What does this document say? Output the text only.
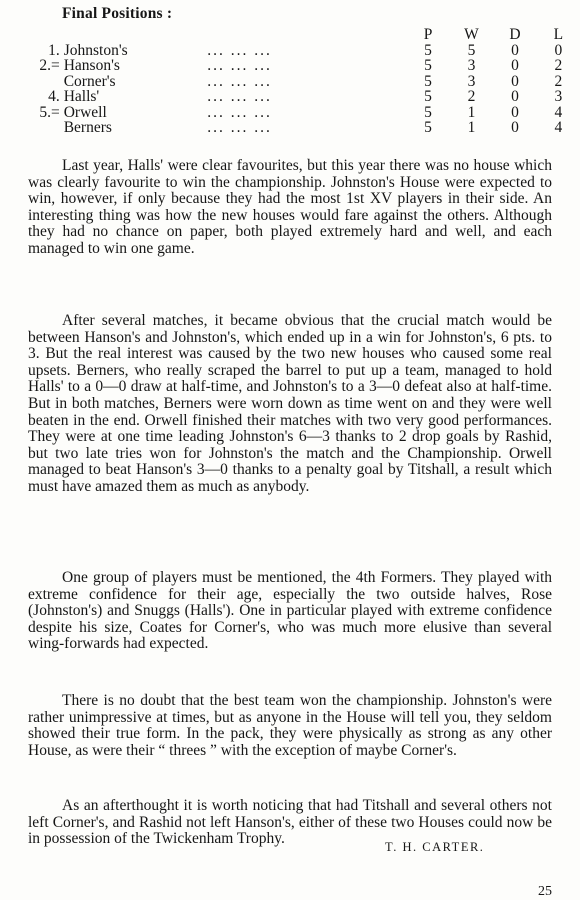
Final Positions :
			P	W	D	L
1.	Johnston's	... ... ...	5	5	0	0
2.=	Hanson's	... ... ...	5	3	0	2
	Corner's	... ... ...	5	3	0	2
4.	Halls'	... ... ...	5	2	0	3
5.=	Orwell	... ... ...	5	1	0	4
	Berners	... ... ...	5	1	0	4

Last year, Halls' were clear favourites, but this year there was no house which was clearly favourite to win the championship. Johnston's House were expected to win, however, if only because they had the most 1st XV players in their side. An interesting thing was how the new houses would fare against the others. Although they had no chance on paper, both played extremely hard and well, and each managed to win one game.

After several matches, it became obvious that the crucial match would be between Hanson's and Johnston's, which ended up in a win for Johnston's, 6 pts. to 3. But the real interest was caused by the two new houses who caused some real upsets. Berners, who really scraped the barrel to put up a team, managed to hold Halls' to a 0—0 draw at half-time, and Johnston's to a 3—0 defeat also at half-time. But in both matches, Berners were worn down as time went on and they were well beaten in the end. Orwell finished their matches with two very good performances. They were at one time leading Johnston's 6—3 thanks to 2 drop goals by Rashid, but two late tries won for Johnston's the match and the Championship. Orwell managed to beat Hanson's 3—0 thanks to a penalty goal by Titshall, a result which must have amazed them as much as anybody.

One group of players must be mentioned, the 4th Formers. They played with extreme confidence for their age, especially the two outside halves, Rose (Johnston's) and Snuggs (Halls'). One in particular played with extreme confidence despite his size, Coates for Corner's, who was much more elusive than several wing-forwards had expected.

There is no doubt that the best team won the championship. Johnston's were rather unimpressive at times, but as anyone in the House will tell you, they seldom showed their true form. In the pack, they were physically as strong as any other House, as were their “ threes ” with the exception of maybe Corner's.

As an afterthought it is worth noticing that had Titshall and several others not left Corner's, and Rashid not left Hanson's, either of these two Houses could now be in possession of the Twickenham Trophy.	T. H. CARTER.
25
